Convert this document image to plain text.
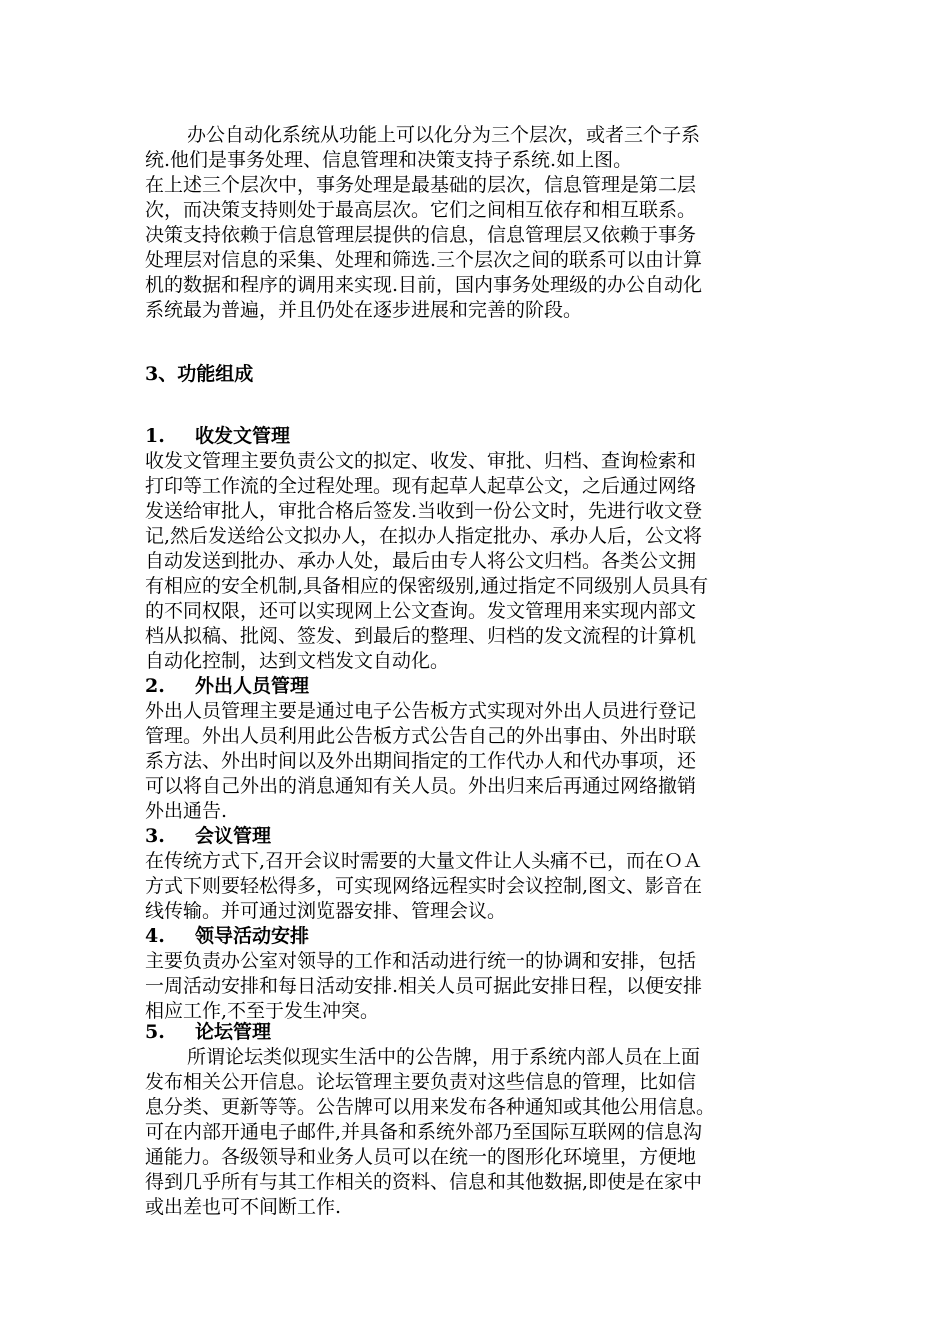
办公自动化系统从功能上可以化分为三个层次，或者三个子系
统.他们是事务处理、信息管理和决策支持子系统.如上图。
在上述三个层次中，事务处理是最基础的层次，信息管理是第二层
次，而决策支持则处于最高层次。它们之间相互依存和相互联系。
决策支持依赖于信息管理层提供的信息，信息管理层又依赖于事务
处理层对信息的采集、处理和筛选.三个层次之间的联系可以由计算
机的数据和程序的调用来实现.目前，国内事务处理级的办公自动化
系统最为普遍，并且仍处在逐步进展和完善的阶段。
3、功能组成
1. 收发文管理
收发文管理主要负责公文的拟定、收发、审批、归档、查询检索和
打印等工作流的全过程处理。现有起草人起草公文，之后通过网络
发送给审批人，审批合格后签发.当收到一份公文时，先进行收文登
记,然后发送给公文拟办人，在拟办人指定批办、承办人后，公文将
自动发送到批办、承办人处，最后由专人将公文归档。各类公文拥
有相应的安全机制,具备相应的保密级别,通过指定不同级别人员具有
的不同权限，还可以实现网上公文查询。发文管理用来实现内部文
档从拟稿、批阅、签发、到最后的整理、归档的发文流程的计算机
自动化控制，达到文档发文自动化。
2. 外出人员管理
外出人员管理主要是通过电子公告板方式实现对外出人员进行登记
管理。外出人员利用此公告板方式公告自己的外出事由、外出时联
系方法、外出时间以及外出期间指定的工作代办人和代办事项，还
可以将自己外出的消息通知有关人员。外出归来后再通过网络撤销
外出通告.
3. 会议管理
在传统方式下,召开会议时需要的大量文件让人头痛不已，而在ＯＡ
方式下则要轻松得多，可实现网络远程实时会议控制,图文、影音在
线传输。并可通过浏览器安排、管理会议。
4. 领导活动安排
主要负责办公室对领导的工作和活动进行统一的协调和安排，包括
一周活动安排和每日活动安排.相关人员可据此安排日程，以便安排
相应工作,不至于发生冲突。
5. 论坛管理
所谓论坛类似现实生活中的公告牌，用于系统内部人员在上面
发布相关公开信息。论坛管理主要负责对这些信息的管理，比如信
息分类、更新等等。公告牌可以用来发布各种通知或其他公用信息。
可在内部开通电子邮件,并具备和系统外部乃至国际互联网的信息沟
通能力。各级领导和业务人员可以在统一的图形化环境里，方便地
得到几乎所有与其工作相关的资料、信息和其他数据,即使是在家中
或出差也可不间断工作.
